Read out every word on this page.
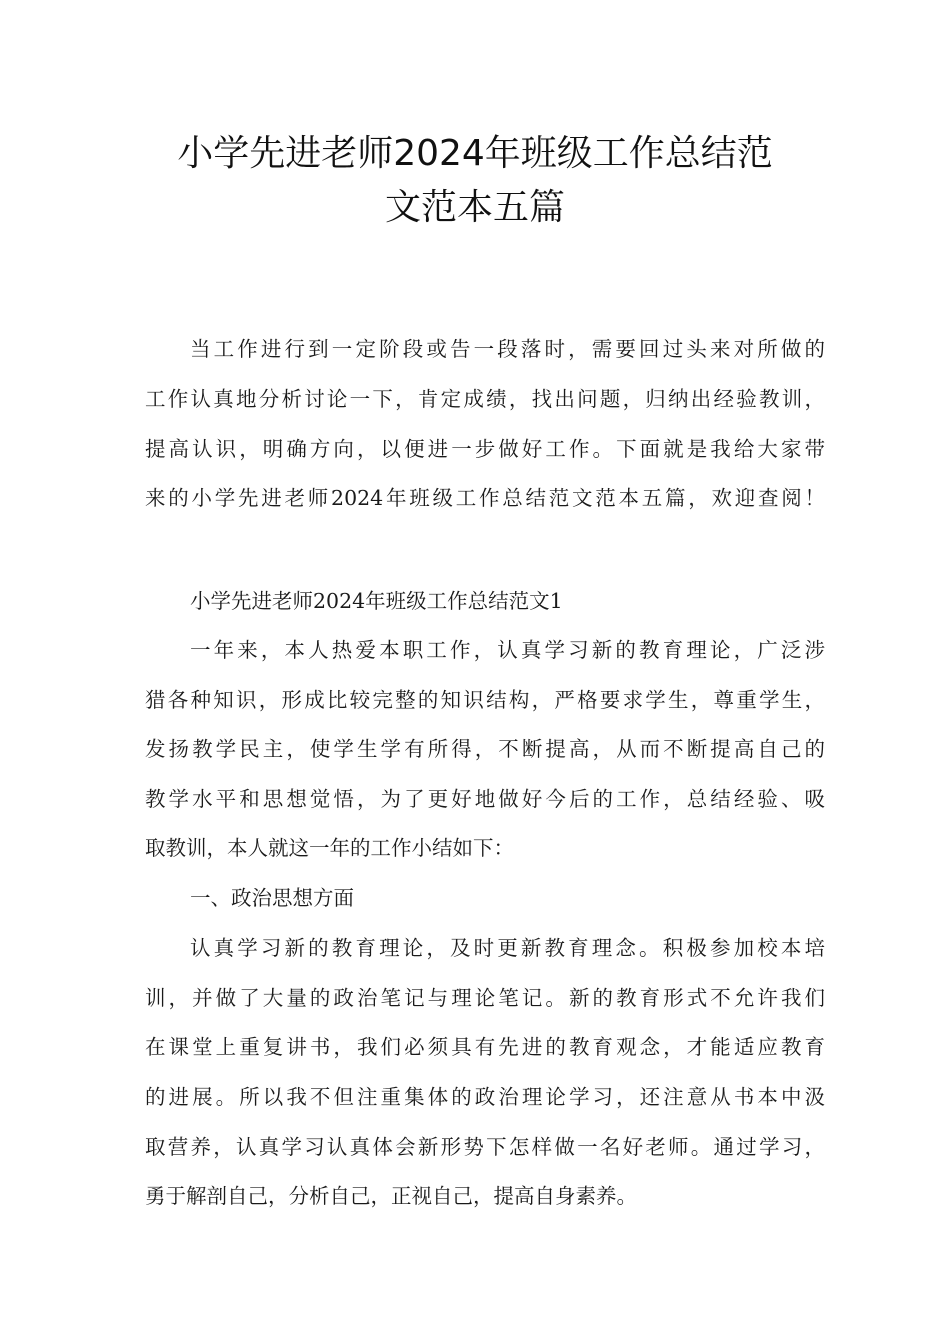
小学先进老师2024年班级工作总结范
文范本五篇
当工作进行到一定阶段或告一段落时，需要回过头来对所做的
工作认真地分析讨论一下，肯定成绩，找出问题，归纳出经验教训，
提高认识，明确方向，以便进一步做好工作。下面就是我给大家带
来的小学先进老师2024年班级工作总结范文范本五篇，欢迎查阅！
小学先进老师2024年班级工作总结范文1
一年来，本人热爱本职工作，认真学习新的教育理论，广泛涉
猎各种知识，形成比较完整的知识结构，严格要求学生，尊重学生，
发扬教学民主，使学生学有所得，不断提高，从而不断提高自己的
教学水平和思想觉悟，为了更好地做好今后的工作，总结经验、吸
取教训，本人就这一年的工作小结如下：
一、政治思想方面
认真学习新的教育理论，及时更新教育理念。积极参加校本培
训，并做了大量的政治笔记与理论笔记。新的教育形式不允许我们
在课堂上重复讲书，我们必须具有先进的教育观念，才能适应教育
的进展。所以我不但注重集体的政治理论学习，还注意从书本中汲
取营养，认真学习认真体会新形势下怎样做一名好老师。通过学习，
勇于解剖自己，分析自己，正视自己，提高自身素养。
